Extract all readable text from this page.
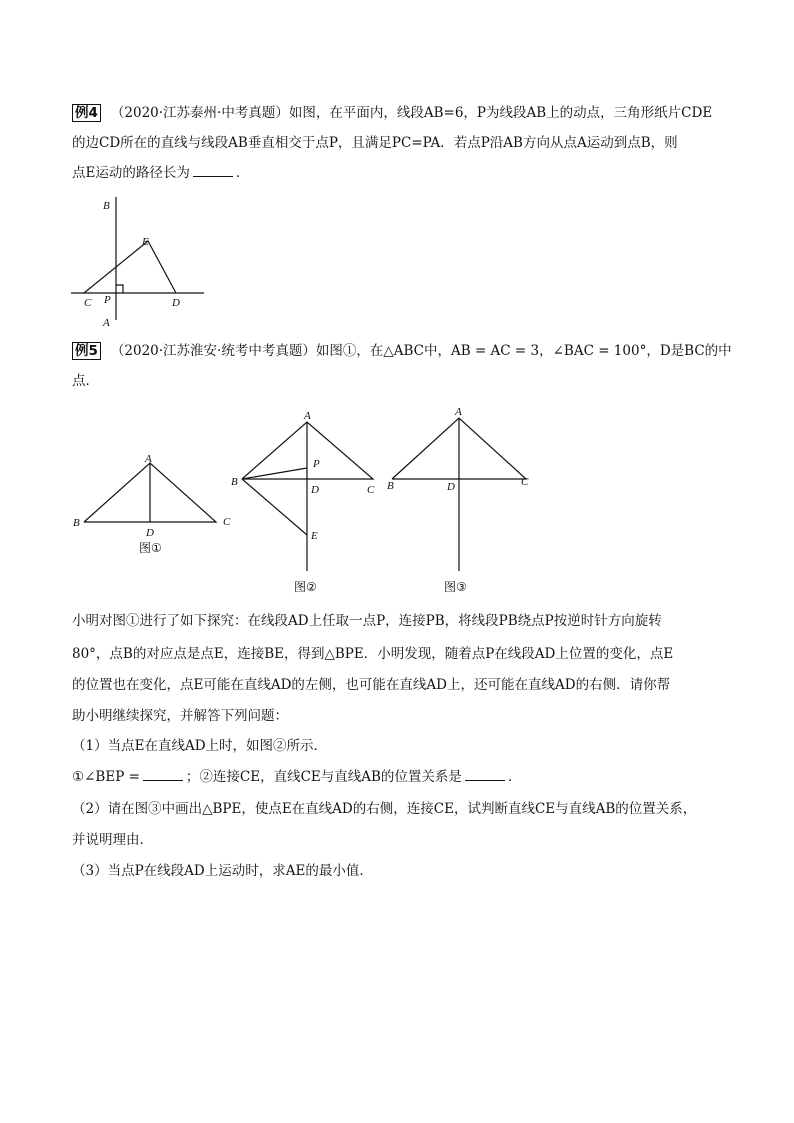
例4 （2020·江苏泰州·中考真题）如图，在平面内，线段AB=6，P为线段AB上的动点，三角形纸片CDE
的边CD所在的直线与线段AB垂直相交于点P，且满足PC=PA．若点P沿AB方向从点A运动到点B，则
点E运动的路径长为	．
B
E
C P	D
A
例5 （2020·江苏淮安·统考中考真题）如图①，在△ABC中，AB = AC = 3，∠BAC = 100°，D是BC的中
点．
A
B	C
D
图①
A
B
C
D
P
E
图②
A
B	C
D
图③
小明对图①进行了如下探究：在线段AD上任取一点P，连接PB，将线段PB绕点P按逆时针方向旋转
80°，点B的对应点是点E，连接BE，得到△BPE．小明发现，随着点P在线段AD上位置的变化，点E
的位置也在变化，点E可能在直线AD的左侧，也可能在直线AD上，还可能在直线AD的右侧．请你帮
助小明继续探究，并解答下列问题：
（1）当点E在直线AD上时，如图②所示．
①∠BEP =	；②连接CE，直线CE与直线AB的位置关系是	．
（2）请在图③中画出△BPE，使点E在直线AD的右侧，连接CE，试判断直线CE与直线AB的位置关系，
并说明理由．
（3）当点P在线段AD上运动时，求AE的最小值．
